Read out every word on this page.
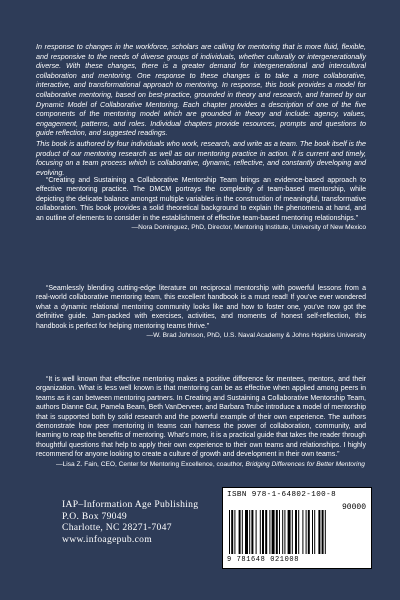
In response to changes in the workforce, scholars are calling for mentoring that is more fluid, flexible, and responsive to the needs of diverse groups of individuals, whether culturally or intergenerationally diverse. With these changes, there is a greater demand for intergenerational and intercultural collaboration and mentoring. One response to these changes is to take a more collaborative, interactive, and transformational approach to mentoring. In response, this book provides a model for collaborative mentoring, based on best-practice, grounded in theory and research, and framed by our Dynamic Model of Collaborative Mentoring. Each chapter provides a description of one of the five components of the mentoring model which are grounded in theory and include: agency, values, engagement, patterns, and roles. Individual chapters provide resources, prompts and questions to guide reflection, and suggested readings.

This book is authored by four individuals who work, research, and write as a team. The book itself is the product of our mentoring research as well as our mentoring practice in action. It is current and timely, focusing on a team process which is collaborative, dynamic, reflective, and constantly developing and evolving.

“Creating and Sustaining a Collaborative Mentorship Team brings an evidence-based approach to effective mentoring practice. The DMCM portrays the complexity of team-based mentorship, while depicting the delicate balance amongst multiple variables in the construction of meaningful, transformative collaboration. This book provides a solid theoretical background to explain the phenomena at hand, and an outline of elements to consider in the establishment of effective team-based mentoring relationships.”

—Nora Dominguez, PhD, Director, Mentoring Institute, University of New Mexico

“Seamlessly blending cutting-edge literature on reciprocal mentorship with powerful lessons from a real-world collaborative mentoring team, this excellent handbook is a must read! If you’ve ever wondered what a dynamic relational mentoring community looks like and how to foster one, you’ve now got the definitive guide. Jam-packed with exercises, activities, and moments of honest self-reflection, this handbook is perfect for helping mentoring teams thrive.”

—W. Brad Johnson, PhD, U.S. Naval Academy & Johns Hopkins University

“It is well known that effective mentoring makes a positive difference for mentees, mentors, and their organization. What is less well known is that mentoring can be as effective when applied among peers in teams as it can between mentoring partners. In Creating and Sustaining a Collaborative Mentorship Team, authors Dianne Gut, Pamela Beam, Beth VanDerveer, and Barbara Trube introduce a model of mentorship that is supported both by solid research and the powerful example of their own experience. The authors demonstrate how peer mentoring in teams can harness the power of collaboration, community, and learning to reap the benefits of mentoring. What’s more, it is a practical guide that takes the reader through thoughtful questions that help to apply their own experience to their own teams and relationships. I highly recommend for anyone looking to create a culture of growth and development in their own teams.”

—Lisa Z. Fain, CEO, Center for Mentoring Excellence, coauthor, Bridging Differences for Better Mentoring

IAP–Information Age Publishing
P.O. Box 79049
Charlotte, NC 28271-7047
www.infoagepub.com
ISBN 978-1-64802-100-8
90000
9 781648 021008
